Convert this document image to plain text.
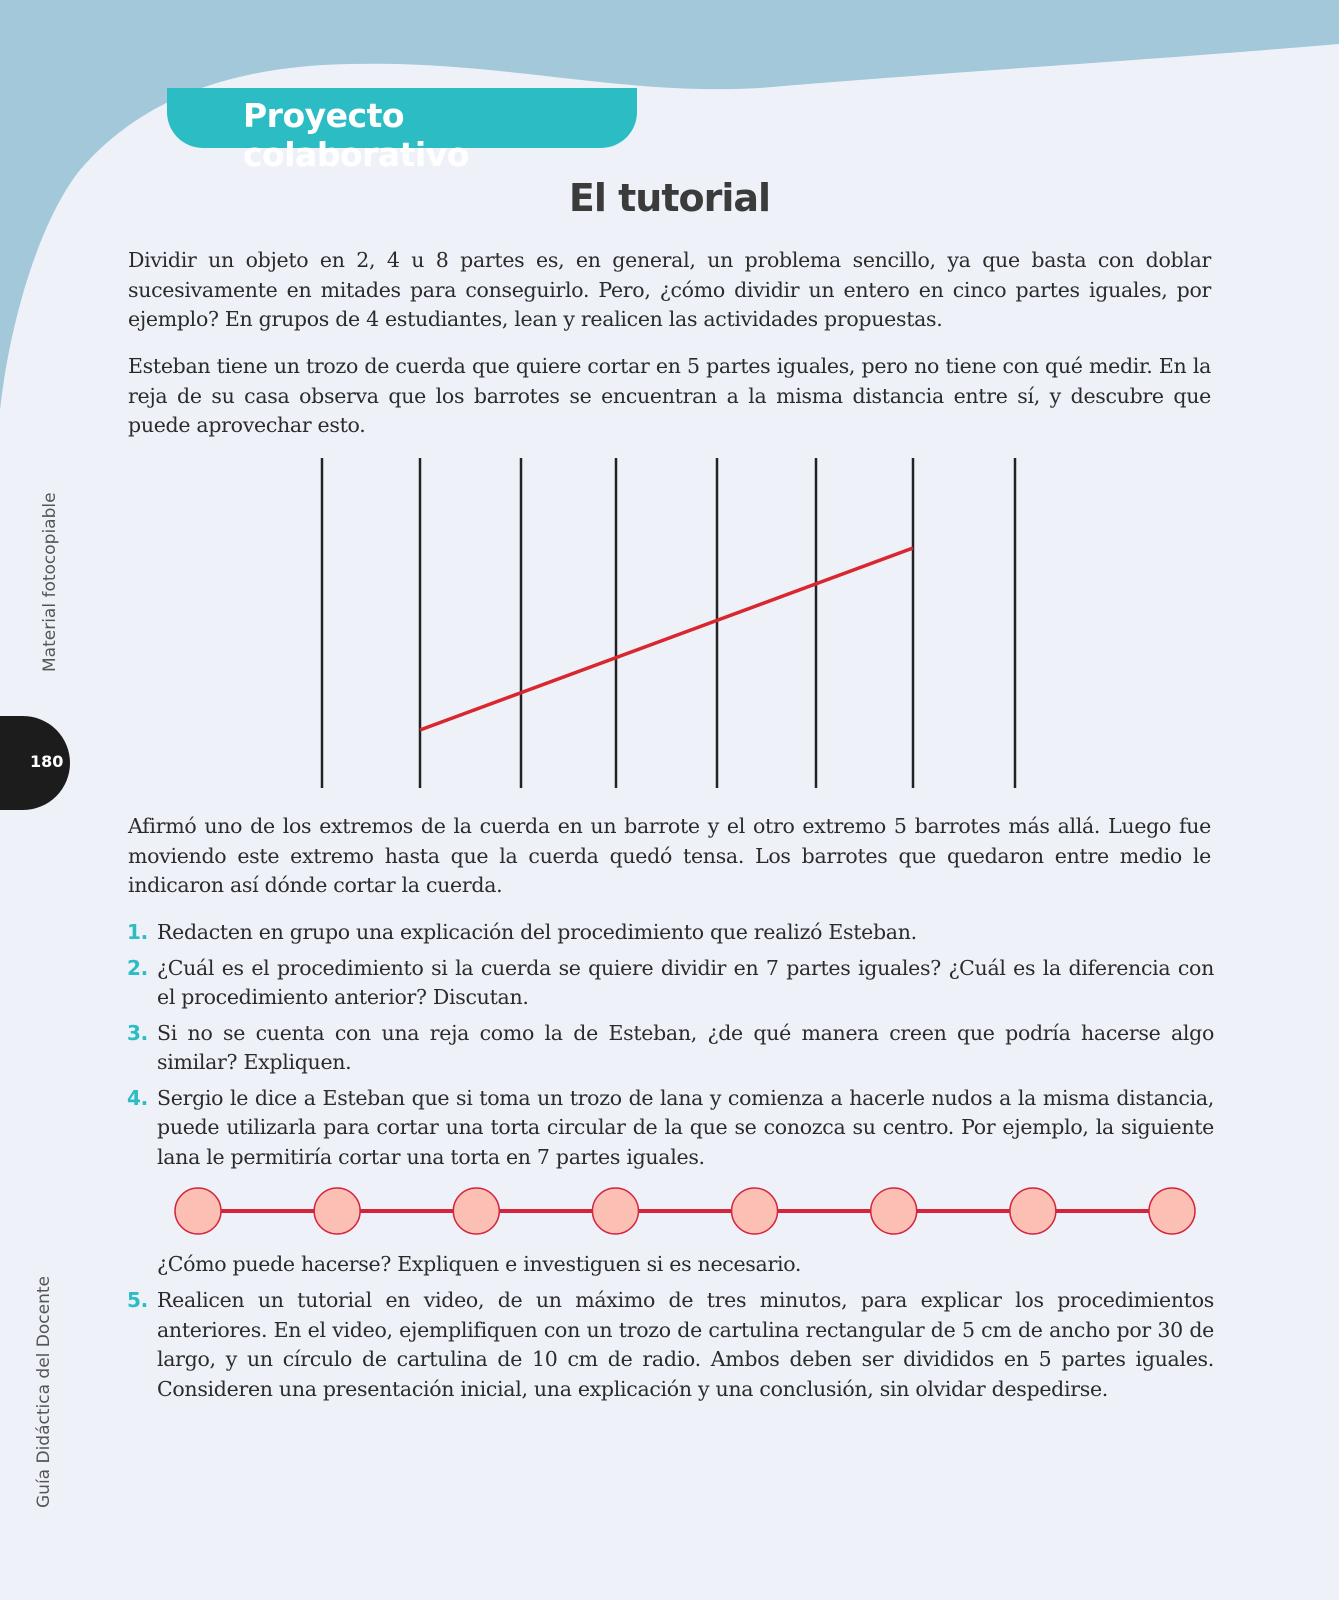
Proyecto colaborativo
El tutorial

Dividir un objeto en 2, 4 u 8 partes es, en general, un problema sencillo, ya que basta con doblar sucesivamente en mitades para conseguirlo. Pero, ¿cómo dividir un entero en cinco partes iguales, por ejemplo? En grupos de 4 estudiantes, lean y realicen las actividades propuestas.

Esteban tiene un trozo de cuerda que quiere cortar en 5 partes iguales, pero no tiene con qué medir. En la reja de su casa observa que los barrotes se encuentran a la misma distancia entre sí, y descubre que puede aprovechar esto.

Afirmó uno de los extremos de la cuerda en un barrote y el otro extremo 5 barrotes más allá. Luego fue moviendo este extremo hasta que la cuerda quedó tensa. Los barrotes que quedaron entre medio le indicaron así dónde cortar la cuerda.

1. Redacten en grupo una explicación del procedimiento que realizó Esteban.
2. ¿Cuál es el procedimiento si la cuerda se quiere dividir en 7 partes iguales? ¿Cuál es la diferencia con el procedimiento anterior? Discutan.
3. Si no se cuenta con una reja como la de Esteban, ¿de qué manera creen que podría hacerse algo similar? Expliquen.
4. Sergio le dice a Esteban que si toma un trozo de lana y comienza a hacerle nudos a la misma distancia, puede utilizarla para cortar una torta circular de la que se conozca su centro. Por ejemplo, la siguiente lana le permitiría cortar una torta en 7 partes iguales.
¿Cómo puede hacerse? Expliquen e investiguen si es necesario.
5. Realicen un tutorial en video, de un máximo de tres minutos, para explicar los procedimientos anteriores. En el video, ejemplifiquen con un trozo de cartulina rectangular de 5 cm de ancho por 30 de largo, y un círculo de cartulina de 10 cm de radio. Ambos deben ser divididos en 5 partes iguales. Consideren una presentación inicial, una explicación y una conclusión, sin olvidar despedirse.
Material fotocopiable
180
Guía Didáctica del Docente
